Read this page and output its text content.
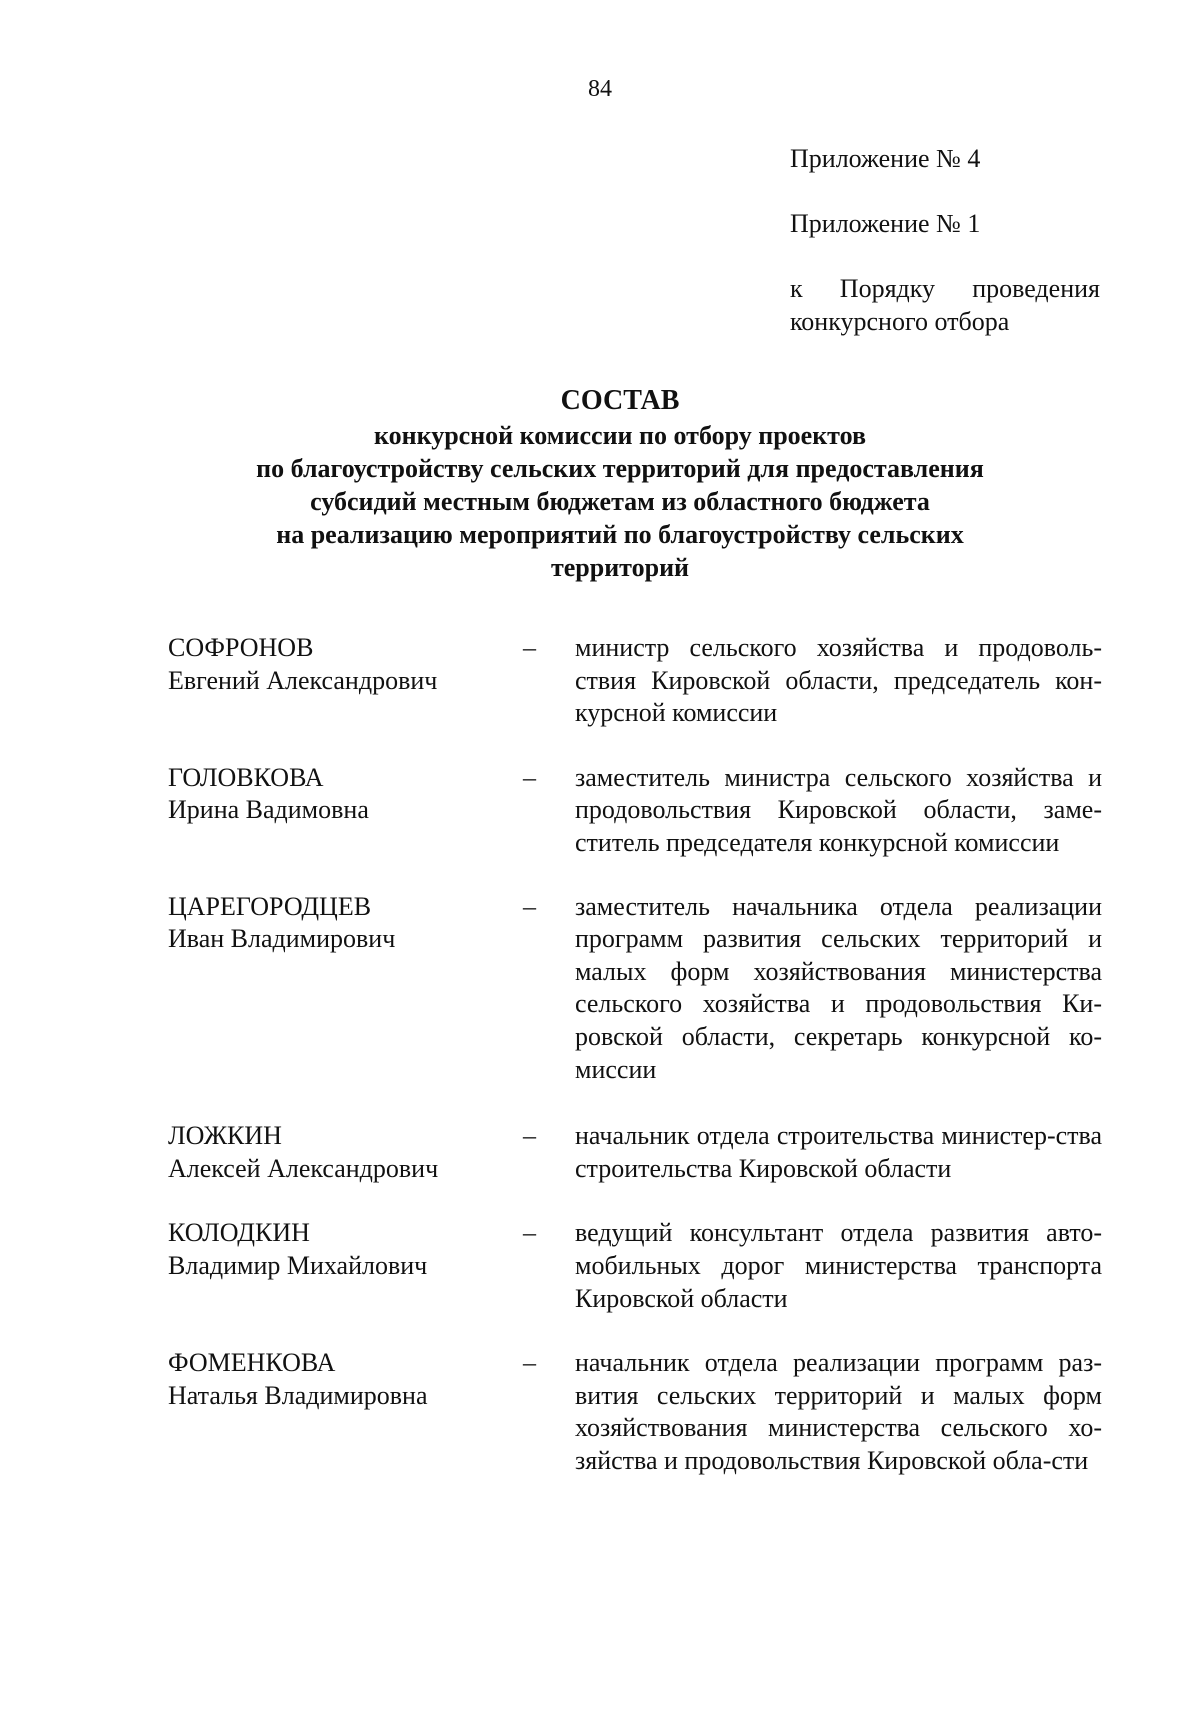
84
Приложение № 4
Приложение № 1
к Порядку проведения
конкурсного отбора
СОСТАВ
конкурсной комиссии по отбору проектов
по благоустройству сельских территорий для предоставления
субсидий местным бюджетам из областного бюджета
на реализацию мероприятий по благоустройству сельских
территорий
СОФРОНОВ
Евгений Александрович
–	министр сельского хозяйства и продоволь-ствия Кировской области, председатель кон-курсной комиссии
ГОЛОВКОВА
Ирина Вадимовна
–	заместитель министра сельского хозяйства и продовольствия Кировской области, заме-ститель председателя конкурсной комиссии
ЦАРЕГОРОДЦЕВ
Иван Владимирович
–	заместитель начальника отдела реализации программ развития сельских территорий и малых форм хозяйствования министерства сельского хозяйства и продовольствия Ки-ровской области, секретарь конкурсной ко-миссии
ЛОЖКИН
Алексей Александрович
–	начальник отдела строительства министер-ства строительства Кировской области
КОЛОДКИН
Владимир Михайлович
–	ведущий консультант отдела развития авто-мобильных дорог министерства транспорта Кировской области
ФОМЕНКОВА
Наталья Владимировна
–	начальник отдела реализации программ раз-вития сельских территорий и малых форм хозяйствования министерства сельского хо-зяйства и продовольствия Кировской обла-сти
